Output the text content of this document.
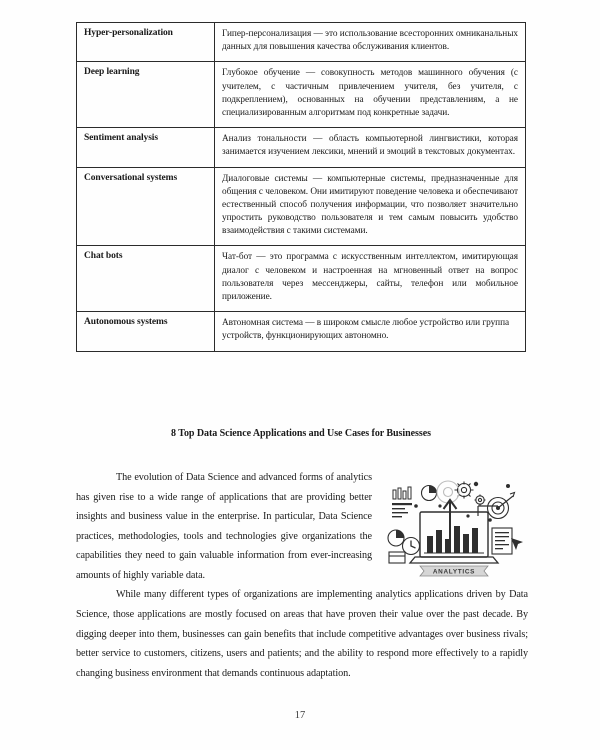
Hyper-personalization	Гипер-персонализация — это использование всесторонних омниканальных данных для повышения качества обслуживания клиентов.
Deep learning	Глубокое обучение — совокупность методов машинного обучения (с учителем, с частичным привлечением учителя, без учителя, с подкреплением), основанных на обучении представлениям, а не специализированным алгоритмам под конкретные задачи.
Sentiment analysis	Анализ тональности — область компьютерной лингвистики, которая занимается изучением лексики, мнений и эмоций в текстовых документах.
Conversational systems	Диалоговые системы — компьютерные системы, предназначенные для общения с человеком. Они имитируют поведение человека и обеспечивают естественный способ получения информации, что позволяет значительно упростить руководство пользователя и тем самым повысить удобство взаимодействия с такими системами.
Chat bots	Чат-бот — это программа с искусственным интеллектом, имитирующая диалог с человеком и настроенная на мгновенный ответ на вопрос пользователя через мессенджеры, сайты, телефон или мобильное приложение.
Autonomous systems	Автономная система — в широком смысле любое устройство или группа устройств, функционирующих автономно.
8 Top Data Science Applications and Use Cases for Businesses
ANALYTICS

The evolution of Data Science and advanced forms of analytics has given rise to a wide range of applications that are providing better insights and business value in the enterprise. In particular, Data Science practices, methodologies, tools and technologies give organizations the capabilities they need to gain valuable information from ever-increasing amounts of highly variable data.

While many different types of organizations are implementing analytics applications driven by Data Science, those applications are mostly focused on areas that have proven their value over the past decade. By digging deeper into them, businesses can gain benefits that include competitive advantages over business rivals; better service to customers, citizens, users and patients; and the ability to respond more effectively to a rapidly changing business environment that demands continuous adaptation.

17
